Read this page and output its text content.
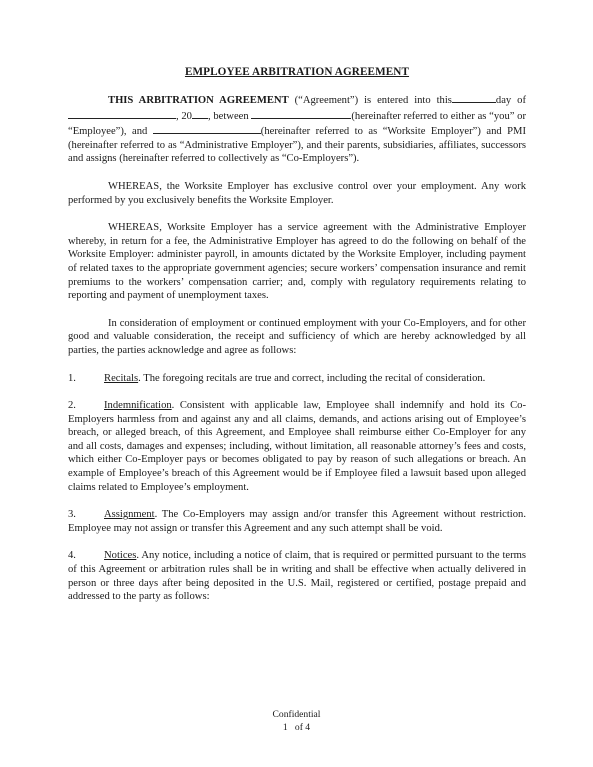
EMPLOYEE ARBITRATION AGREEMENT

THIS ARBITRATION AGREEMENT (“Agreement”) is entered into this	day of, 20 , between	(hereinafter referred to either as “you” or “Employee”), and	(hereinafter referred to as “Worksite Employer”) and PMI (hereinafter referred to as “Administrative Employer”), and their parents, subsidiaries, affiliates, successors and assigns (hereinafter referred to collectively as “Co-Employers”).

WHEREAS, the Worksite Employer has exclusive control over your employment. Any work performed by you exclusively benefits the Worksite Employer.

WHEREAS, Worksite Employer has a service agreement with the Administrative Employer whereby, in return for a fee, the Administrative Employer has agreed to do the following on behalf of the Worksite Employer: administer payroll, in amounts dictated by the Worksite Employer, including payment of related taxes to the appropriate government agencies; secure workers’ compensation insurance and remit premiums to the workers’ compensation carrier; and, comply with regulatory requirements relating to reporting and payment of unemployment taxes.

In consideration of employment or continued employment with your Co-Employers, and for other good and valuable consideration, the receipt and sufficiency of which are hereby acknowledged by all parties, the parties acknowledge and agree as follows:

1.	Recitals. The foregoing recitals are true and correct, including the recital of consideration.

2.	Indemnification. Consistent with applicable law, Employee shall indemnify and hold its Co-Employers harmless from and against any and all claims, demands, and actions arising out of Employee’s breach, or alleged breach, of this Agreement, and Employee shall reimburse either Co-Employer for any and all costs, damages and expenses; including, without limitation, all reasonable attorney’s fees and costs, which either Co-Employer pays or becomes obligated to pay by reason of such allegations or breach. An example of Employee’s breach of this Agreement would be if Employee filed a lawsuit based upon alleged claims related to Employee’s employment.

3.	Assignment. The Co-Employers may assign and/or transfer this Agreement without restriction. Employee may not assign or transfer this Agreement and any such attempt shall be void.

4.	Notices. Any notice, including a notice of claim, that is required or permitted pursuant to the terms of this Agreement or arbitration rules shall be in writing and shall be effective when actually delivered in person or three days after being deposited in the U.S. Mail, registered or certified, postage prepaid and addressed to the party as follows:

Confidential
1 of 4
